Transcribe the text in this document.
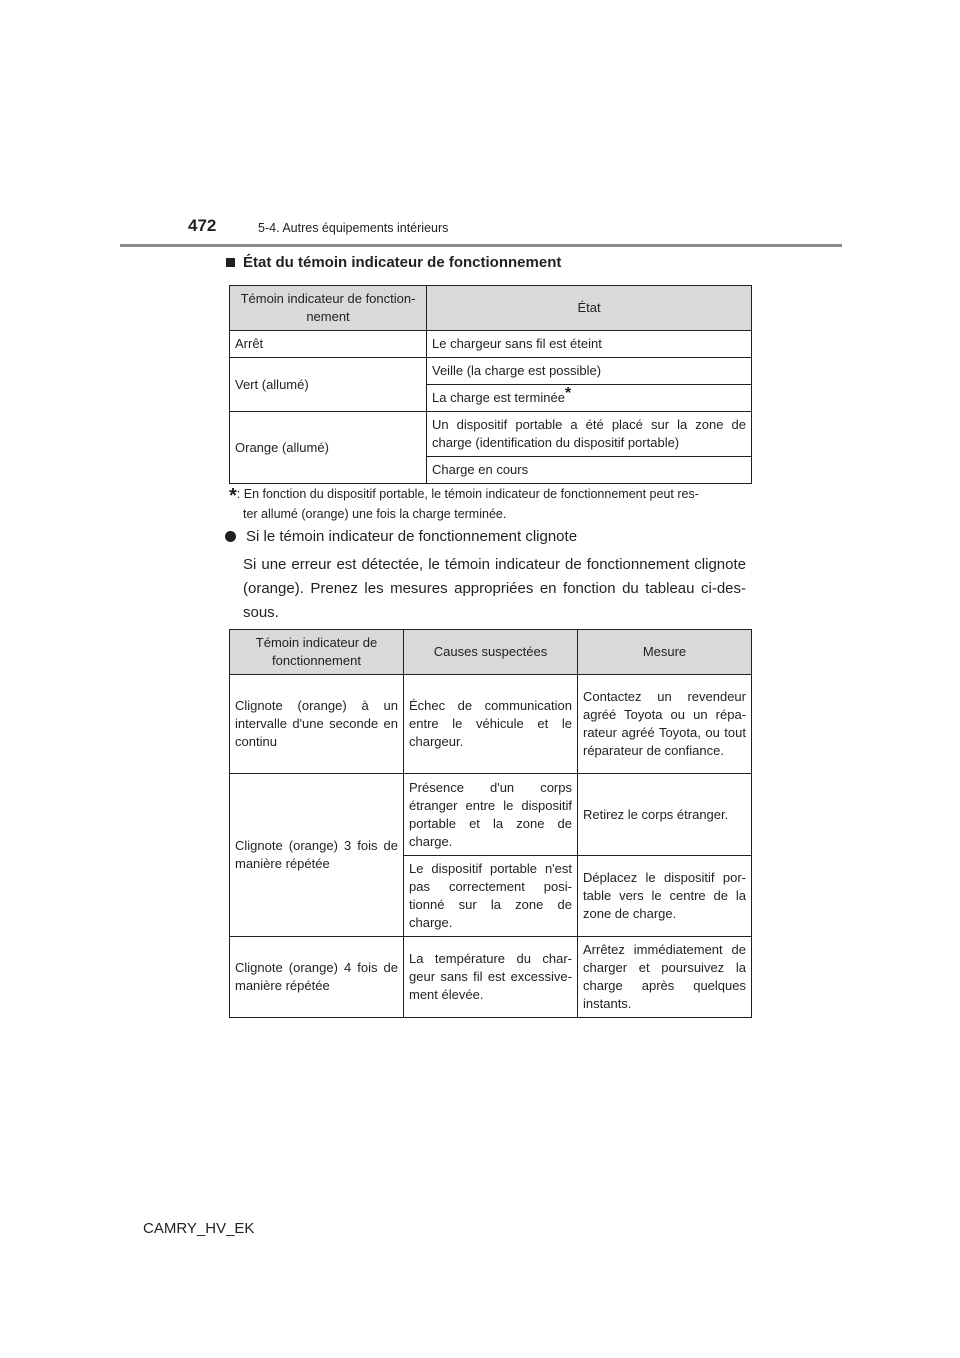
472	5-4. Autres équipements intérieurs
État du témoin indicateur de fonctionnement
Témoin indicateur de fonction-nement	État
Arrêt	Le chargeur sans fil est éteint
Vert (allumé)	Veille (la charge est possible)
	La charge est terminée*
Orange (allumé)	Un dispositif portable a été placé sur la zone de charge (identification du dispositif portable)
	Charge en cours
*: En fonction du dispositif portable, le témoin indicateur de fonctionnement peut res-
ter allumé (orange) une fois la charge terminée.
Si le témoin indicateur de fonctionnement clignote
Si une erreur est détectée, le témoin indicateur de fonctionnement clignote (orange). Prenez les mesures appropriées en fonction du tableau ci-des-sous.
Témoin indicateur de fonctionnement	Causes suspectées	Mesure
Clignote (orange) à un intervalle d'une seconde en continu	Échec de communication entre le véhicule et le chargeur.	Contactez un revendeur agréé Toyota ou un répa-rateur agréé Toyota, ou tout réparateur de confiance.
Clignote (orange) 3 fois de manière répétée	Présence d'un corps étranger entre le dispositif portable et la zone de charge.	Retirez le corps étranger.
	Le dispositif portable n'est pas correctement posi-tionné sur la zone de charge.	Déplacez le dispositif por-table vers le centre de la zone de charge.
Clignote (orange) 4 fois de manière répétée	La température du char-geur sans fil est excessive-ment élevée.	Arrêtez immédiatement de charger et poursuivez la charge après quelques instants.
CAMRY_HV_EK
